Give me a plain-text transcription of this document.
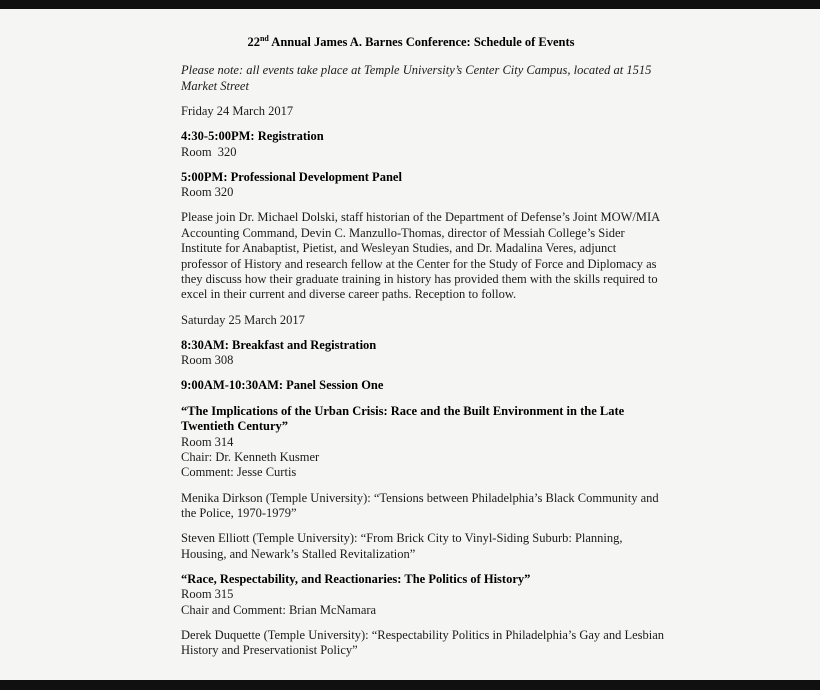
22nd Annual James A. Barnes Conference: Schedule of Events
Please note: all events take place at Temple University’s Center City Campus, located at 1515
Market Street
Friday 24 March 2017
4:30-5:00PM: Registration
Room  320
5:00PM: Professional Development Panel
Room 320
Please join Dr. Michael Dolski, staff historian of the Department of Defense’s Joint MOW/MIA
Accounting Command, Devin C. Manzullo-Thomas, director of Messiah College’s Sider
Institute for Anabaptist, Pietist, and Wesleyan Studies, and Dr. Madalina Veres, adjunct
professor of History and research fellow at the Center for the Study of Force and Diplomacy as
they discuss how their graduate training in history has provided them with the skills required to
excel in their current and diverse career paths. Reception to follow.
Saturday 25 March 2017
8:30AM: Breakfast and Registration
Room 308
9:00AM-10:30AM: Panel Session One
“The Implications of the Urban Crisis: Race and the Built Environment in the Late
Twentieth Century”
Room 314
Chair: Dr. Kenneth Kusmer
Comment: Jesse Curtis
Menika Dirkson (Temple University): “Tensions between Philadelphia’s Black Community and
the Police, 1970-1979”
Steven Elliott (Temple University): “From Brick City to Vinyl-Siding Suburb: Planning,
Housing, and Newark’s Stalled Revitalization”
“Race, Respectability, and Reactionaries: The Politics of History”
Room 315
Chair and Comment: Brian McNamara
Derek Duquette (Temple University): “Respectability Politics in Philadelphia’s Gay and Lesbian
History and Preservationist Policy”
